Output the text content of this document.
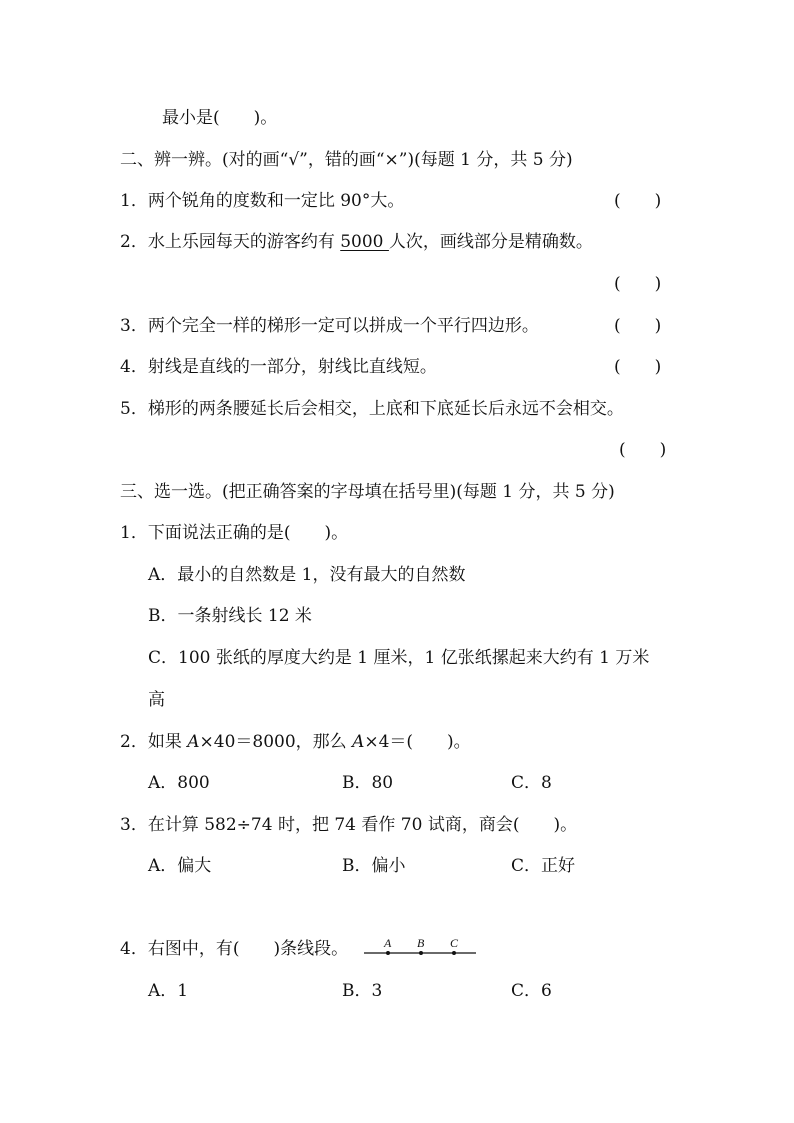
最小是(　　)。
二、辨一辨。(对的画“√”，错的画“×”)(每题 1 分，共 5 分)
1．两个锐角的度数和一定比 90°大。	(　　)
2．水上乐园每天的游客约有 5000 人次，画线部分是精确数。
(　　)
3．两个完全一样的梯形一定可以拼成一个平行四边形。	(　　)
4．射线是直线的一部分，射线比直线短。	(　　)
5．梯形的两条腰延长后会相交，上底和下底延长后永远不会相交。
(　　)
三、选一选。(把正确答案的字母填在括号里)(每题 1 分，共 5 分)
1．下面说法正确的是(　　)。
A．最小的自然数是 1，没有最大的自然数
B．一条射线长 12 米
C．100 张纸的厚度大约是 1 厘米，1 亿张纸摞起来大约有 1 万米
高
2．如果 A×40＝8000，那么 A×4＝(　　)。
A．800	B．80	C．8
3．在计算 582÷74 时，把 74 看作 70 试商，商会(　　)。
A．偏大	B．偏小	C．正好
4．右图中，有(　　)条线段。	A B C
A．1	B．3	C．6
